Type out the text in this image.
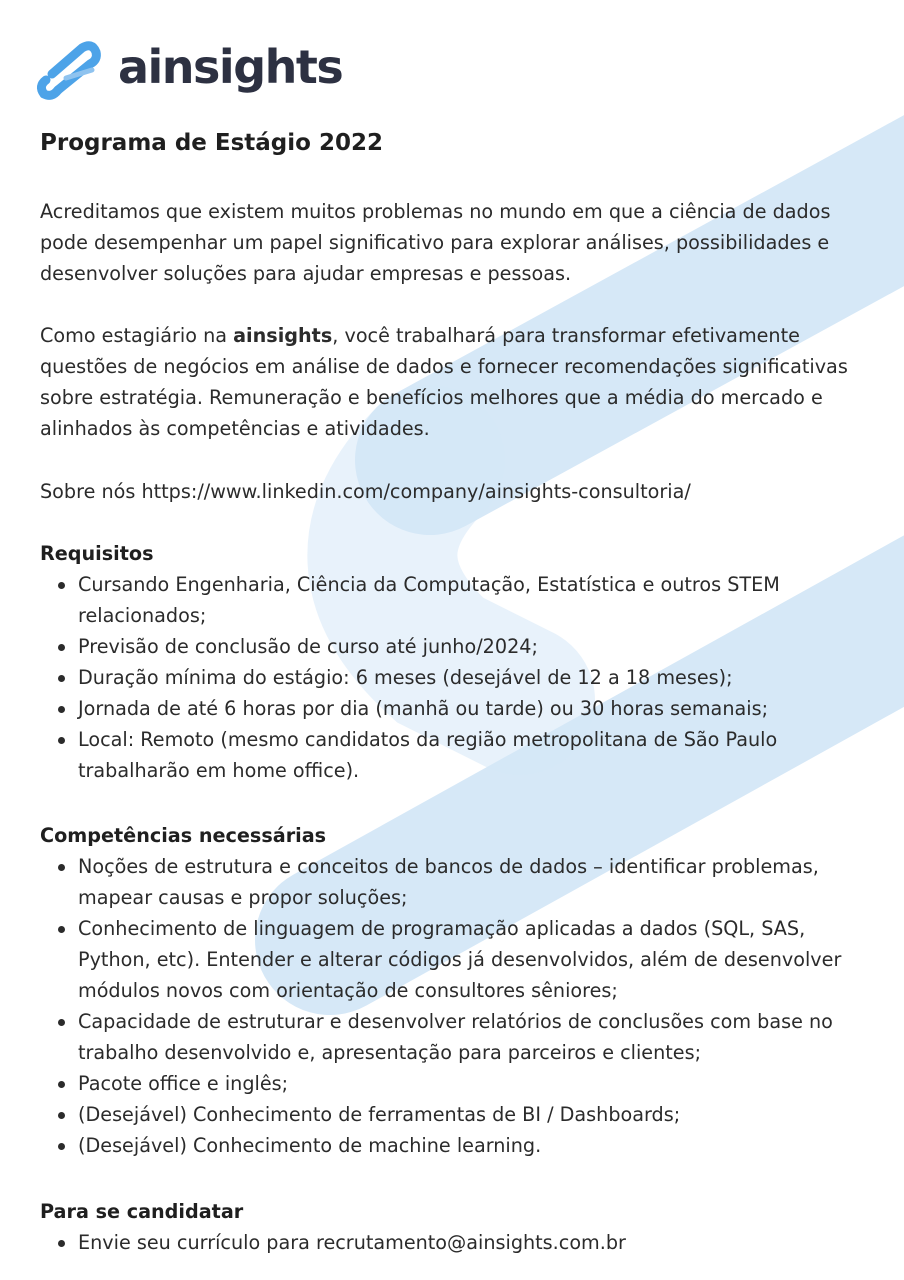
ainsights
Programa de Estágio 2022

Acreditamos que existem muitos problemas no mundo em que a ciência de dados pode desempenhar um papel significativo para explorar análises, possibilidades e desenvolver soluções para ajudar empresas e pessoas.

Como estagiário na ainsights, você trabalhará para transformar efetivamente questões de negócios em análise de dados e fornecer recomendações significativas sobre estratégia. Remuneração e benefícios melhores que a média do mercado e alinhados às competências e atividades.

Sobre nós https://www.linkedin.com/company/ainsights-consultoria/

Requisitos
Cursando Engenharia, Ciência da Computação, Estatística e outros STEM relacionados;
Previsão de conclusão de curso até junho/2024;
Duração mínima do estágio: 6 meses (desejável de 12 a 18 meses);
Jornada de até 6 horas por dia (manhã ou tarde) ou 30 horas semanais;
Local: Remoto (mesmo candidatos da região metropolitana de São Paulo trabalharão em home office).
Competências necessárias
Noções de estrutura e conceitos de bancos de dados – identificar problemas, mapear causas e propor soluções;
Conhecimento de linguagem de programação aplicadas a dados (SQL, SAS, Python, etc). Entender e alterar códigos já desenvolvidos, além de desenvolver módulos novos com orientação de consultores sêniores;
Capacidade de estruturar e desenvolver relatórios de conclusões com base no trabalho desenvolvido e, apresentação para parceiros e clientes;
Pacote office e inglês;
(Desejável) Conhecimento de ferramentas de BI / Dashboards;
(Desejável) Conhecimento de machine learning.
Para se candidatar
Envie seu currículo para recrutamento@ainsights.com.br
